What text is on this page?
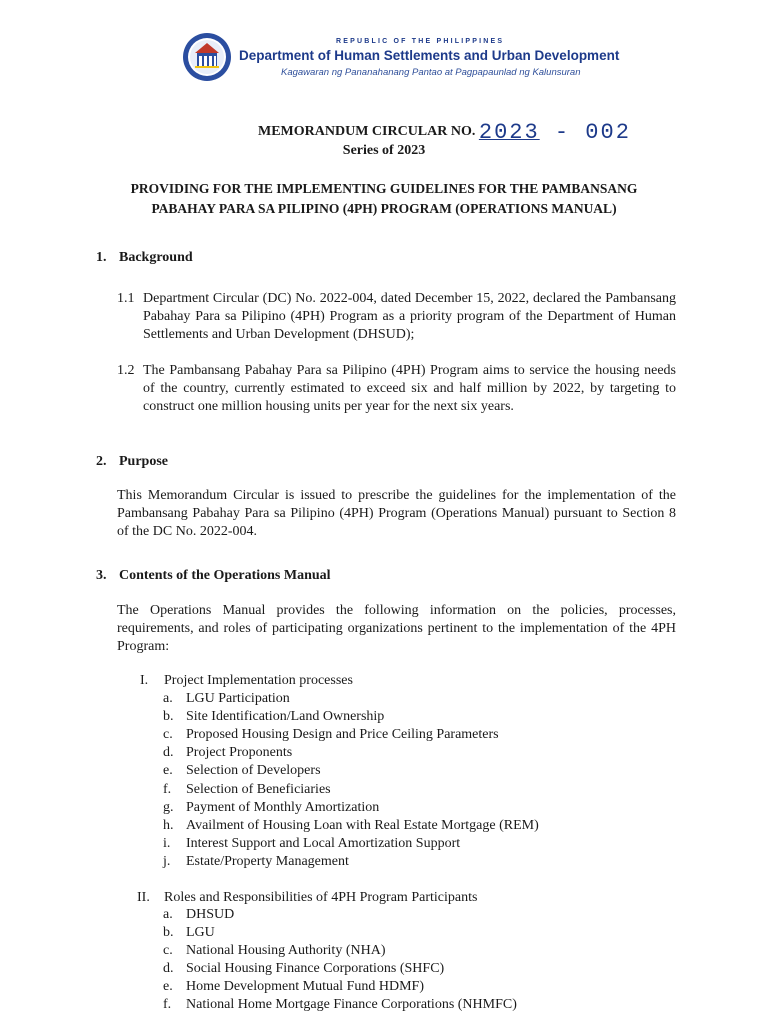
REPUBLIC OF THE PHILIPPINES
Department of Human Settlements and Urban Development
Kagawaran ng Pananahanang Pantao at Pagpapaunlad ng Kalunsuran
MEMORANDUM CIRCULAR NO. 2023 - 002
Series of 2023
PROVIDING FOR THE IMPLEMENTING GUIDELINES FOR THE PAMBANSANG
PABAHAY PARA SA PILIPINO (4PH) PROGRAM (OPERATIONS MANUAL)
1. Background
1.1 Department Circular (DC) No. 2022-004, dated December 15, 2022, declared the Pambansang Pabahay Para sa Pilipino (4PH) Program as a priority program of the Department of Human Settlements and Urban Development (DHSUD);
1.2 The Pambansang Pabahay Para sa Pilipino (4PH) Program aims to service the housing needs of the country, currently estimated to exceed six and half million by 2022, by targeting to construct one million housing units per year for the next six years.
2. Purpose
This Memorandum Circular is issued to prescribe the guidelines for the implementation of the Pambansang Pabahay Para sa Pilipino (4PH) Program (Operations Manual) pursuant to Section 8 of the DC No. 2022-004.
3. Contents of the Operations Manual
The Operations Manual provides the following information on the policies, processes, requirements, and roles of participating organizations pertinent to the implementation of the 4PH Program:
I. Project Implementation processes
a. LGU Participation
b. Site Identification/Land Ownership
c. Proposed Housing Design and Price Ceiling Parameters
d. Project Proponents
e. Selection of Developers
f. Selection of Beneficiaries
g. Payment of Monthly Amortization
h. Availment of Housing Loan with Real Estate Mortgage (REM)
i. Interest Support and Local Amortization Support
j. Estate/Property Management
II. Roles and Responsibilities of 4PH Program Participants
a. DHSUD
b. LGU
c. National Housing Authority (NHA)
d. Social Housing Finance Corporations (SHFC)
e. Home Development Mutual Fund HDMF)
f. National Home Mortgage Finance Corporations (NHMFC)
